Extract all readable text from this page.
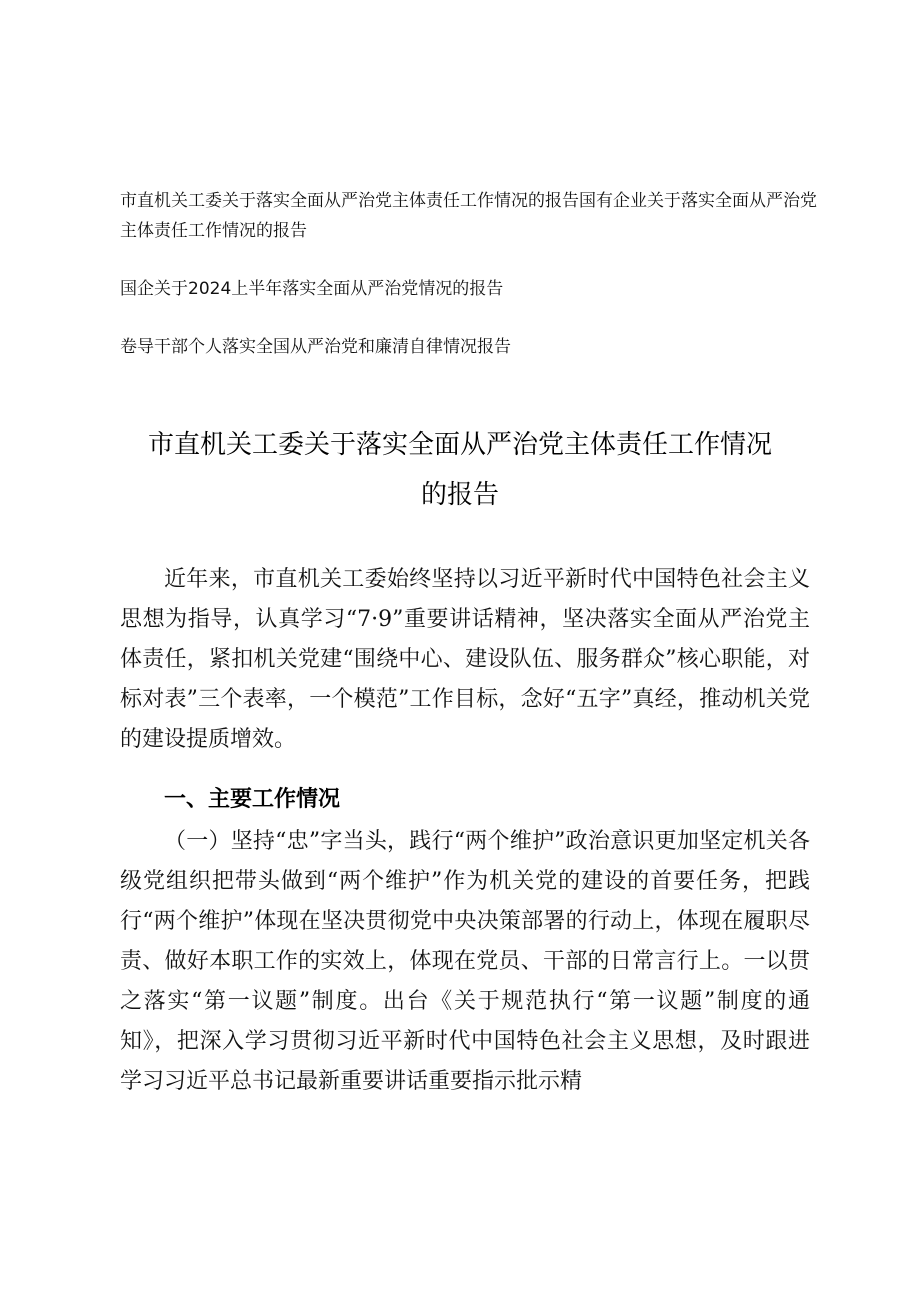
市直机关工委关于落实全面从严治党主体责任工作情况的报告国有企业关于落实全面从严治党主体责任工作情况的报告

国企关于2024上半年落实全面从严治党情况的报告

卷导干部个人落实全国从严治党和廉清自律情况报告

市直机关工委关于落实全面从严治党主体责任工作情况
的报告

近年来，市直机关工委始终坚持以习近平新时代中国特色社会主义思想为指导，认真学习“7·9”重要讲话精神，坚决落实全面从严治党主体责任，紧扣机关党建“围绕中心、建设队伍、服务群众”核心职能，对标对表”三个表率，一个模范”工作目标，念好“五字”真经，推动机关党的建设提质增效。

一、主要工作情况

（一）坚持“忠”字当头，践行“两个维护”政治意识更加坚定机关各级党组织把带头做到“两个维护”作为机关党的建设的首要任务，把践行“两个维护”体现在坚决贯彻党中央决策部署的行动上，体现在履职尽责、做好本职工作的实效上，体现在党员、干部的日常言行上。一以贯之落实“第一议题”制度。出台《关于规范执行“第一议题”制度的通知》，把深入学习贯彻习近平新时代中国特色社会主义思想，及时跟进学习习近平总书记最新重要讲话重要指示批示精
